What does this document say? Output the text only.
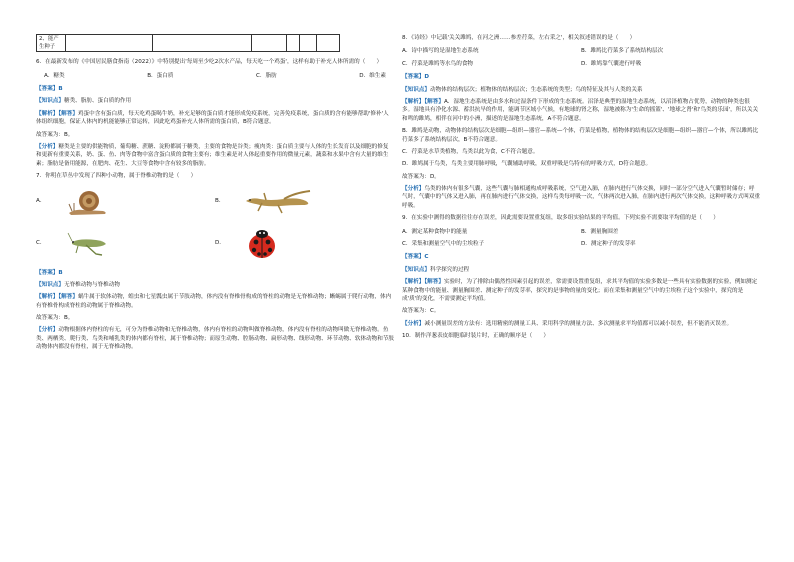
2、能产
生种子

6．在最新发布的《中国居民膳食指南（2022）》中特别提出'每周至少吃2次水产品，每天吃一个鸡蛋'，这样有助于补充人体所需的（　　）

A．糖类	B．蛋白质	C．脂肪	D．维生素

【答案】B

【知识点】糖类、脂肪、蛋白质的作用

【解析】【解答】鸡蛋中含有蛋白质，每天吃鸡蛋喝牛奶，补充足够的蛋白质才能形成免疫系统，完善免疫系统，蛋白质的含有能够帮助'修补'人体组织细胞，保证人体内的机能能够正常运转，因此吃鸡蛋补充人体所需的蛋白质，B符合题意。

故答案为：B。

【分析】糖类是主要的供能物质，葡萄糖、蔗糖、淀粉都属于糖类，主要的食物是谷类；瘦肉类：蛋白质主要与人体的生长发育以及细胞的修复和更新有重要关系，奶、蛋、鱼、肉等食物中富含蛋白质的食物主要有；维生素是对人体起重要作用的微量元素，蔬菜和水果中含有大量的维生素；脂肪是备用能源，在肥肉、花生、大豆等食物中含有较多的脂肪。

7．你明在草丛中发现了四种小动物，属于脊椎动物的是（　　）

A．	B．
C．	D．

【答案】B

【知识点】无脊椎动物与脊椎动物

【解析】【解答】蜗牛属于软体动物，蝗虫和七星瓢虫属于节肢动物，体内没有脊椎骨构成的脊柱的动物是无脊椎动物；蜥蜴属于爬行动物，体内有脊椎骨构成脊柱的动物属于脊椎动物。

故答案为：B。

【分析】动物根据体内脊柱的有无，可分为脊椎动物和无脊椎动物，体内有脊柱的动物叫做脊椎动物，体内没有脊柱的动物叫做无脊椎动物。鱼类、两栖类、爬行类、鸟类和哺乳类的体内都有脊柱，属于脊椎动物；而原生动物、腔肠动物、扁形动物、线形动物、环节动物、软体动物和节肢动物体内都没有脊柱，属于无脊椎动物。

8．《诗经》中记载'关关雎鸠，在河之洲……参差荇菜，左右采之'，相关叙述错误的是（　　）

A．诗中描写的是湿地生态系统	B．雎鸠比荇菜多了系统结构层次
C．荇菜是雎鸠等水鸟的食物	D．雎鸠靠气囊进行呼吸

【答案】D

【知识点】动物体的结构层次；植物体的结构层次；生态系统的类型；鸟的特征及其与人类的关系

【解析】【解答】A．湿地生态系统是由多水和过湿条件下形成的生态系统。沼泽是典型的湿地生态系统，以沼泽植物占优势，动物的种类也很多。湿地具有净化水源、蓄洪抗旱的作用，能调节区域小气候，有地球的肾之称，湿地被称为'生命的摇篮'、'地球之肾'和'鸟类的乐园'，所以关关和鸣的雎鸠，相伴在河中的小洲，描述的是湿地生态系统，A不符合题意。

B．雎鸠是动物，动物体的结构层次是细胞—组织—器官—系统—个体，荇菜是植物，植物体的结构层次是细胞—组织—器官—个体，所以雎鸠比荇菜多了系统结构层次，B不符合题意。

C．荇菜是水草类植物，鸟类以此为食，C不符合题意。

D．雎鸠属于鸟类，鸟类主要用肺呼吸，气囊辅助呼吸，双重呼吸是鸟特有的呼吸方式，D符合题意。

故答案为：D。

【分析】鸟类的体内有很多气囊，这些气囊与肺相通构成呼吸系统，空气进入肺，在肺内进行气体交换，同时一部分空气进入气囊暂时储存；呼气时，气囊中的气体又进入肺，再在肺内进行气体交换，这样鸟类每呼吸一次，气体两次进入肺，在肺内进行两次气体交换，这种呼吸方式叫双重呼吸。

9．在实验中测得的数据往往存在误差，因此需要设置重复组，取多组实验结果的平均值。下列实验不需要取平均值的是（　　）

A．测定某种食物中的能量	B．测量胸围差
C．采集和测量空气中的尘埃粒子	D．测定种子的发芽率

【答案】C

【知识点】科学探究的过程

【解析】【解答】实验时，为了排除由偶然性因素引起的误差，常需要设置重复组，求其平均值的实验多数是一些具有实验数据的实验，例如测定某种食物中的能量、测量胸围差、测定种子的发芽率，探究的是事物的量的变化；而在采集和测量空气中的尘埃粒子这个实验中，探究的是成'质'的变化，不需要测定平均值。

故答案为：C。

【分析】减小测量误差的方法有：选用精密的测量工具、采用科学的测量方法、多次测量求平均值都可以减小误差，但不能消灭误差。

10．制作洋葱表皮细胞临时装片时，正确的顺序是（　　）
